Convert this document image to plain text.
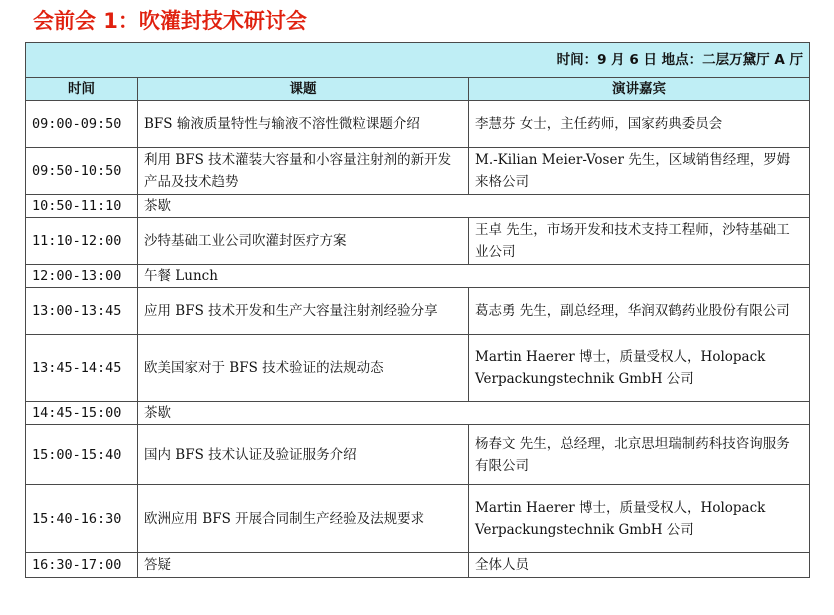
会前会 1：吹灌封技术研讨会
时间：9 月 6 日 地点：二层万黛厅 A 厅		
时间	课题	演讲嘉宾
09:00-09:50	BFS 输液质量特性与输液不溶性微粒课题介绍	李慧芬 女士，主任药师，国家药典委员会
09:50-10:50	利用 BFS 技术灌装大容量和小容量注射剂的新开发产品及技术趋势	M.-Kilian Meier-Voser 先生，区域销售经理，罗姆来格公司
10:50-11:10	茶歇	
11:10-12:00	沙特基础工业公司吹灌封医疗方案	王卓 先生，市场开发和技术支持工程师，沙特基础工业公司
12:00-13:00	午餐 Lunch	
13:00-13:45	应用 BFS 技术开发和生产大容量注射剂经验分享	葛志勇 先生，副总经理，华润双鹤药业股份有限公司
13:45-14:45	欧美国家对于 BFS 技术验证的法规动态	Martin Haerer 博士，质量受权人，Holopack Verpackungstechnik GmbH 公司
14:45-15:00	茶歇	
15:00-15:40	国内 BFS 技术认证及验证服务介绍	杨春文 先生，总经理，北京思坦瑞制药科技咨询服务有限公司
15:40-16:30	欧洲应用 BFS 开展合同制生产经验及法规要求	Martin Haerer 博士，质量受权人，Holopack Verpackungstechnik GmbH 公司
16:30-17:00	答疑	全体人员
